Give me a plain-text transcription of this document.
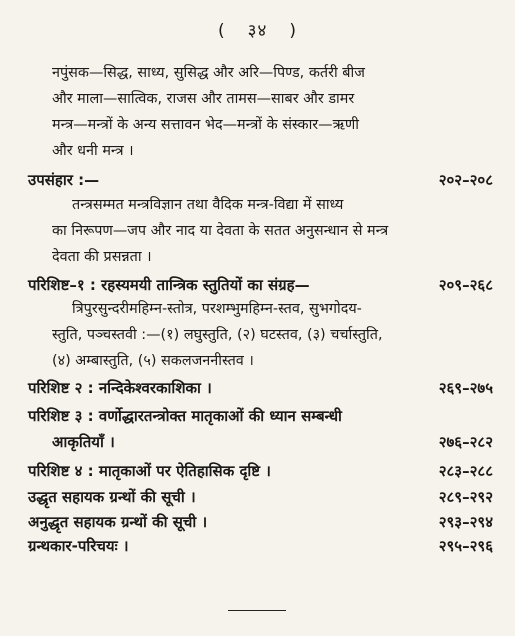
( ३४ )
नपुंसक—सिद्ध, साध्य, सुसिद्ध और अरि—पिण्ड, कर्तरी बीज
और माला—सात्विक, राजस और तामस—साबर और डामर
मन्त्र—मन्त्रों के अन्य सत्तावन भेद—मन्त्रों के संस्कार—ऋणी
और धनी मन्त्र ।
उपसंहार :—	२०२–२०८
तन्त्रसम्मत मन्त्रविज्ञान तथा वैदिक मन्त्र-विद्या में साध्य
का निरूपण—जप और नाद या देवता के सतत अनुसन्धान से मन्त्र
देवता की प्रसन्नता ।
परिशिष्ट–१ : रहस्यमयी तान्त्रिक स्तुतियों का संग्रह—	२०९–२६८
त्रिपुरसुन्दरीमहिम्न-स्तोत्र, परशम्भुमहिम्न-स्तव, सुभगोदय-
स्तुति, पञ्चस्तवी :—(१) लघुस्तुति, (२) घटस्तव, (३) चर्चास्तुति,
(४) अम्बास्तुति, (५) सकलजननीस्तव ।
परिशिष्ट २ : नन्दिकेश्वरकाशिका ।	२६९–२७५
परिशिष्ट ३ : वर्णोद्धारतन्त्रोक्त मातृकाओं की ध्यान सम्बन्धी
आकृतियाँ ।	२७६–२८२
परिशिष्ट ४ : मातृकाओं पर ऐतिहासिक दृष्टि ।	२८३–२८८
उद्धृत सहायक ग्रन्थों की सूची ।	२८९–२९२
अनुद्धृत सहायक ग्रन्थों की सूची ।	२९३–२९४
ग्रन्थकार-परिचयः ।	२९५–२९६
